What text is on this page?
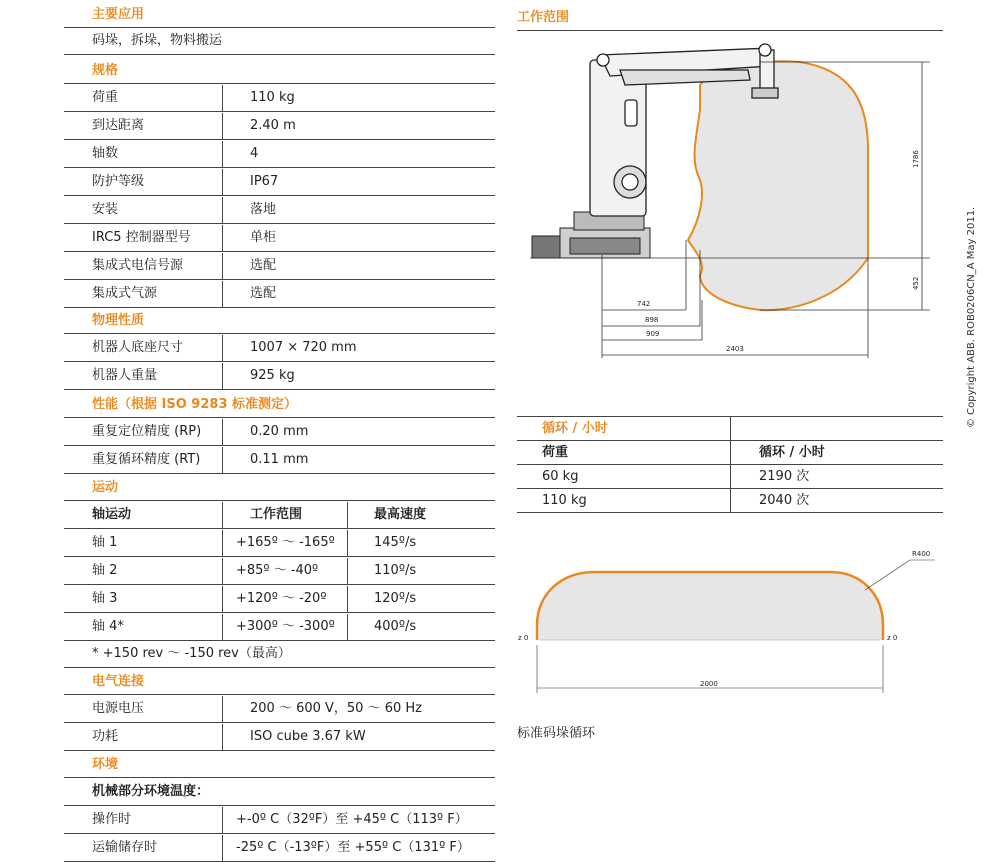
主要应用
码垛，拆垛，物料搬运
规格
荷重	110 kg
到达距离	2.40 m
轴数	4
防护等级	IP67
安装	落地
IRC5 控制器型号	单柜
集成式电信号源	选配
集成式气源	选配
物理性质
机器人底座尺寸	1007 × 720 mm
机器人重量	925 kg
性能（根据 ISO 9283 标准测定）
重复定位精度 (RP)	0.20 mm
重复循环精度 (RT)	0.11 mm
运动
轴运动	工作范围	最高速度
轴 1	+165º ～ -165º	145º/s
轴 2	+85º ～ -40º	110º/s
轴 3	+120º ～ -20º	120º/s
轴 4*	+300º ～ -300º	400º/s
* +150 rev ～ -150 rev（最高）
电气连接
电源电压	200 ～ 600 V，50 ～ 60 Hz
功耗	ISO cube 3.67 kW
环境
机械部分环境温度：
操作时	+-0º C（32ºF）至 +45º C（113º F）
运输储存时	-25º C（-13ºF）至 +55º C（131º F）
工作范围
742
898
909
2403
1786
452
循环 / 小时
荷重	循环 / 小时
60 kg	2190 次
110 kg	2040 次
R400
z 0	z 0
2000
标准码垛循环
© Copyright ABB. ROB0206CN_A May 2011.
